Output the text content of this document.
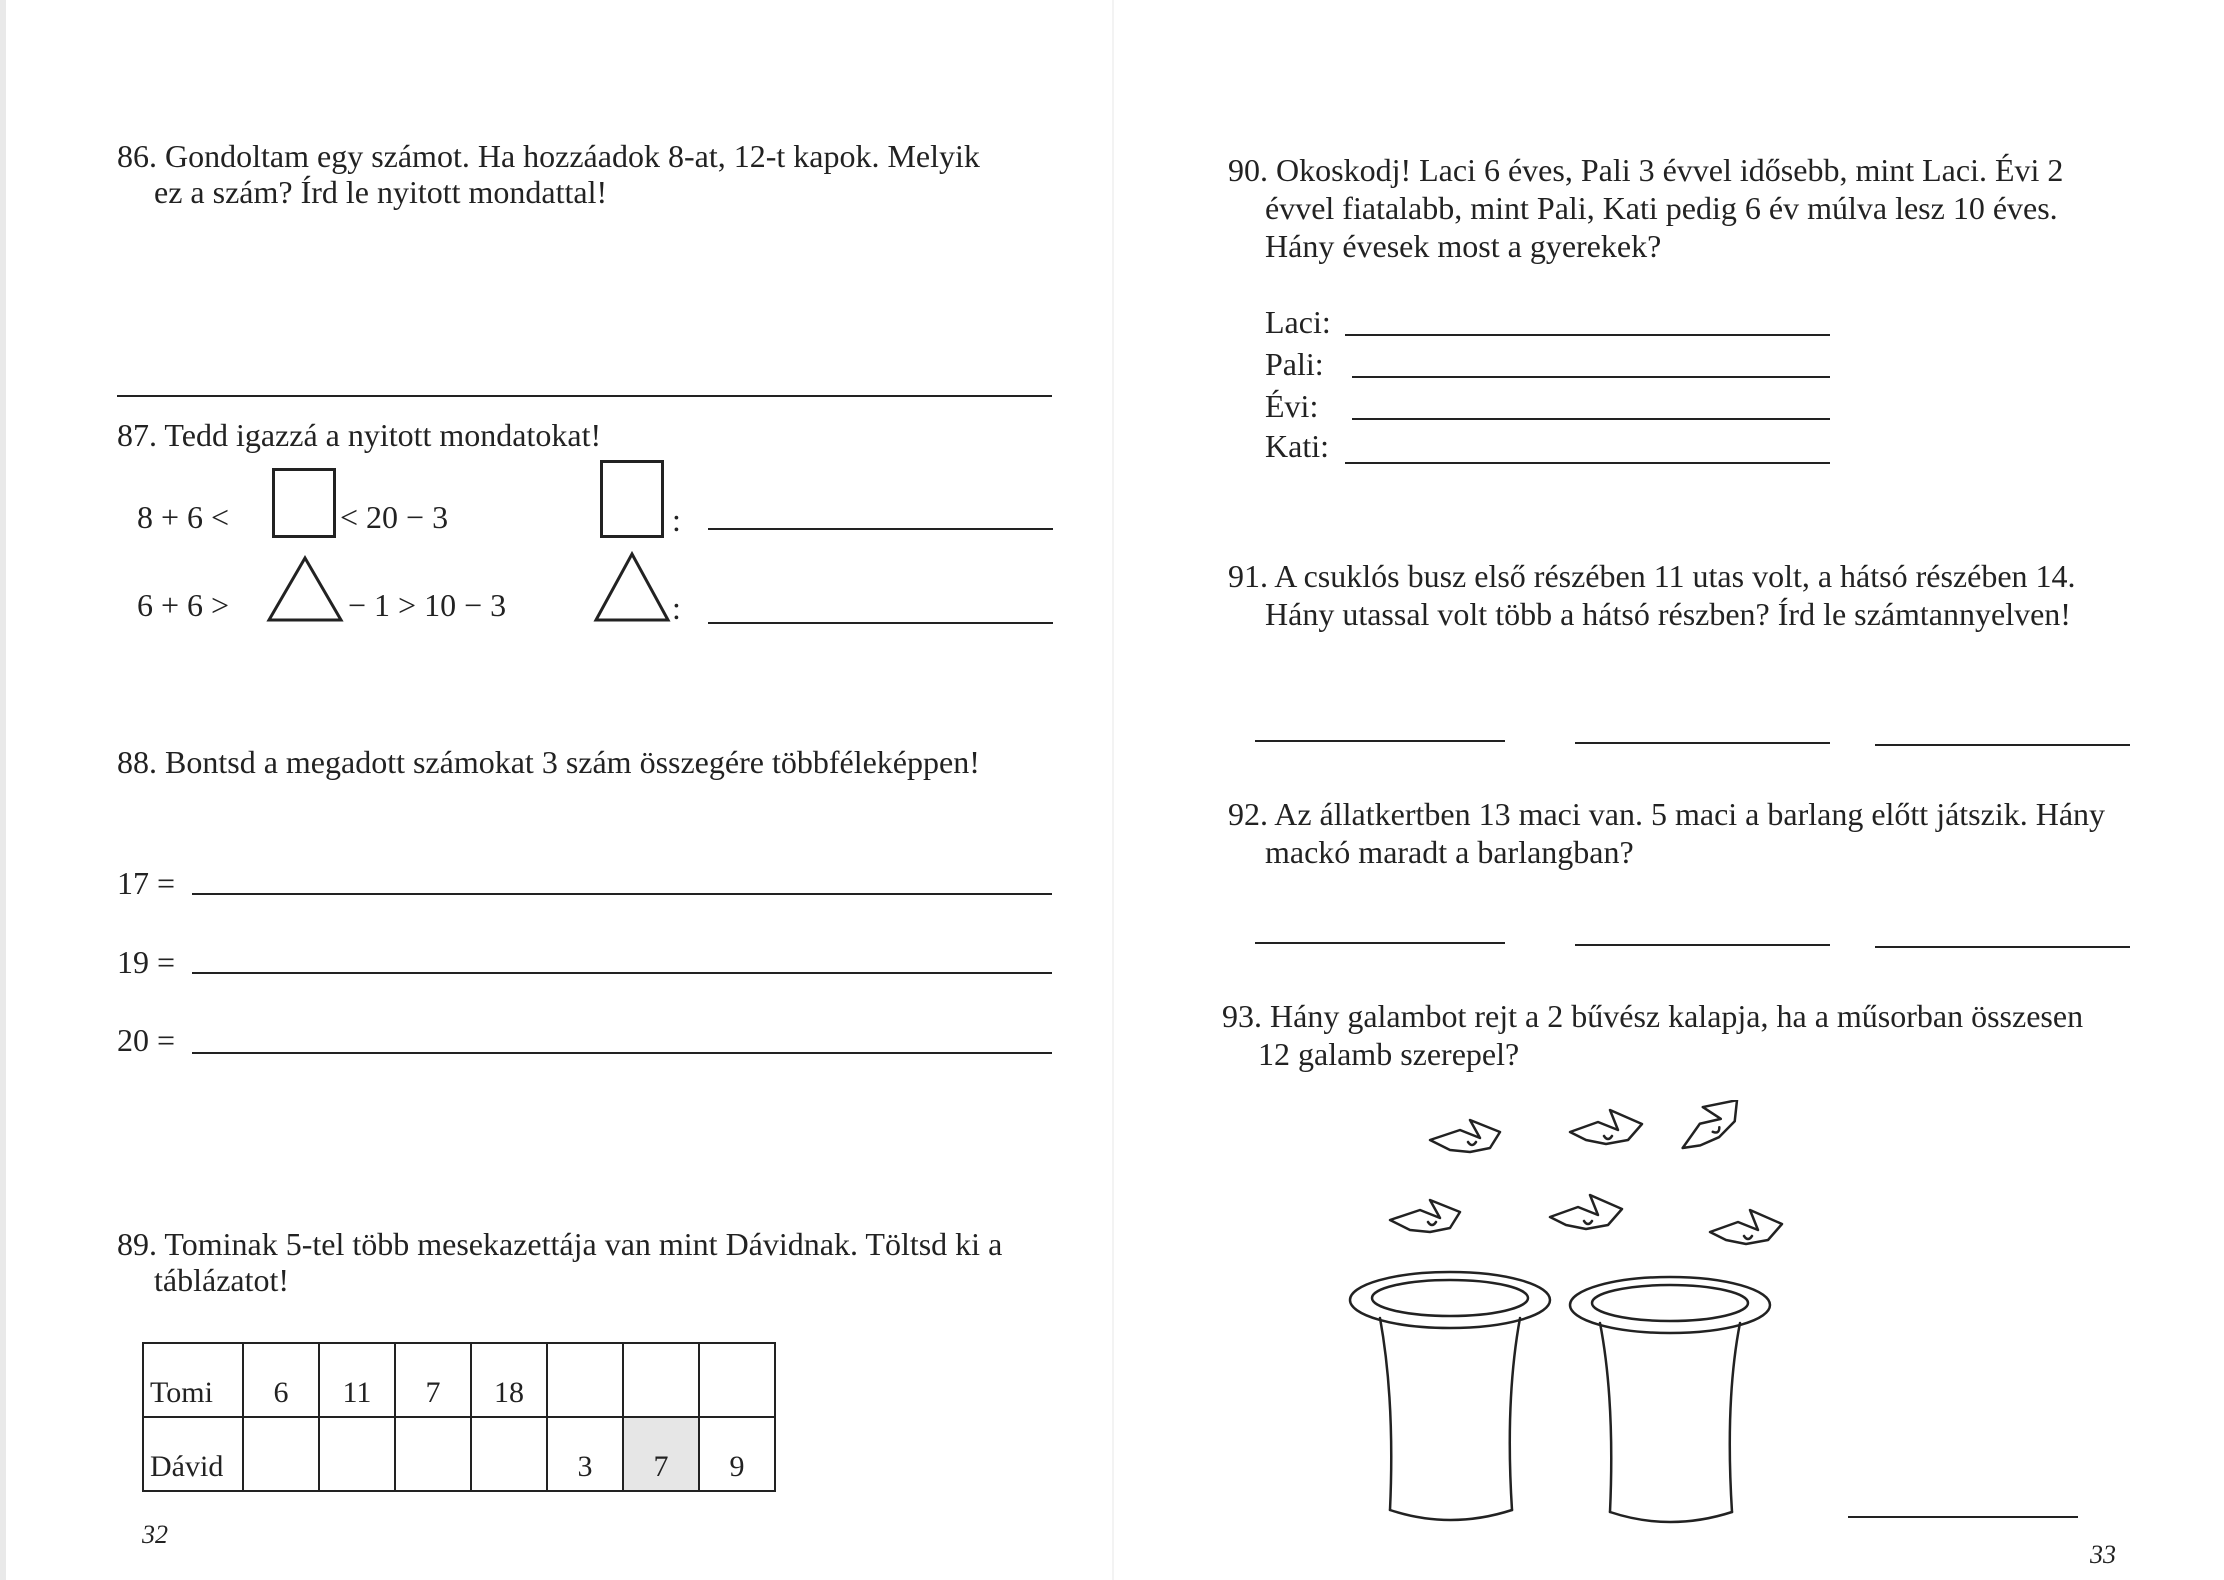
86. Gondoltam egy számot. Ha hozzáadok 8-at, 12-t kapok. Melyik
ez a szám? Írd le nyitott mondattal!
87. Tedd igazzá a nyitott mondatokat!
8 + 6 <	< 20 − 3	:
6 + 6 >	− 1 > 10 − 3	:
88. Bontsd a megadott számokat 3 szám összegére többféleképpen!
17 =
19 =
20 =
89. Tominak 5-tel több mesekazettája van mint Dávidnak. Töltsd ki a
táblázatot!
Tomi	6	11	7	18			
Dávid					3	7	9
32
90. Okoskodj! Laci 6 éves, Pali 3 évvel idősebb, mint Laci. Évi 2
évvel fiatalabb, mint Pali, Kati pedig 6 év múlva lesz 10 éves.
Hány évesek most a gyerekek?
Laci:
Pali:
Évi:
Kati:
91. A csuklós busz első részében 11 utas volt, a hátsó részében 14.
Hány utassal volt több a hátsó részben? Írd le számtannyelven!
92. Az állatkertben 13 maci van. 5 maci a barlang előtt játszik. Hány
mackó maradt a barlangban?
93. Hány galambot rejt a 2 bűvész kalapja, ha a műsorban összesen
12 galamb szerepel?
33
